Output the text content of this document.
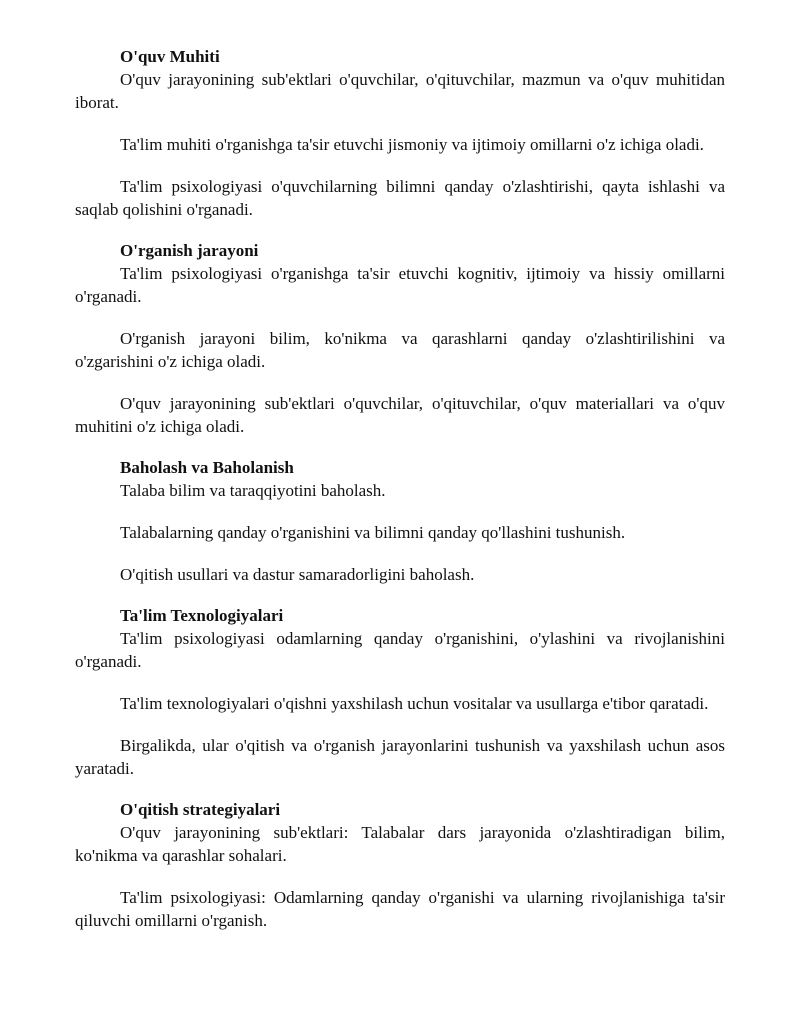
O'quv Muhiti

O'quv jarayonining sub'ektlari o'quvchilar, o'qituvchilar, mazmun va o'quv muhitidan iborat.

Ta'lim muhiti o'rganishga ta'sir etuvchi jismoniy va ijtimoiy omillarni o'z ichiga oladi.

Ta'lim psixologiyasi o'quvchilarning bilimni qanday o'zlashtirishi, qayta ishlashi va saqlab qolishini o'rganadi.

O'rganish jarayoni

Ta'lim psixologiyasi o'rganishga ta'sir etuvchi kognitiv, ijtimoiy va hissiy omillarni o'rganadi.

O'rganish jarayoni bilim, ko'nikma va qarashlarni qanday o'zlashtirilishini va o'zgarishini o'z ichiga oladi.

O'quv jarayonining sub'ektlari o'quvchilar, o'qituvchilar, o'quv materiallari va o'quv muhitini o'z ichiga oladi.

Baholash va Baholanish

Talaba bilim va taraqqiyotini baholash.

Talabalarning qanday o'rganishini va bilimni qanday qo'llashini tushunish.

O'qitish usullari va dastur samaradorligini baholash.

Ta'lim Texnologiyalari

Ta'lim psixologiyasi odamlarning qanday o'rganishini, o'ylashini va rivojlanishini o'rganadi.

Ta'lim texnologiyalari o'qishni yaxshilash uchun vositalar va usullarga e'tibor qaratadi.

Birgalikda, ular o'qitish va o'rganish jarayonlarini tushunish va yaxshilash uchun asos yaratadi.

O'qitish strategiyalari

O'quv jarayonining sub'ektlari: Talabalar dars jarayonida o'zlashtiradigan bilim, ko'nikma va qarashlar sohalari.

Ta'lim psixologiyasi: Odamlarning qanday o'rganishi va ularning rivojlanishiga ta'sir qiluvchi omillarni o'rganish.
